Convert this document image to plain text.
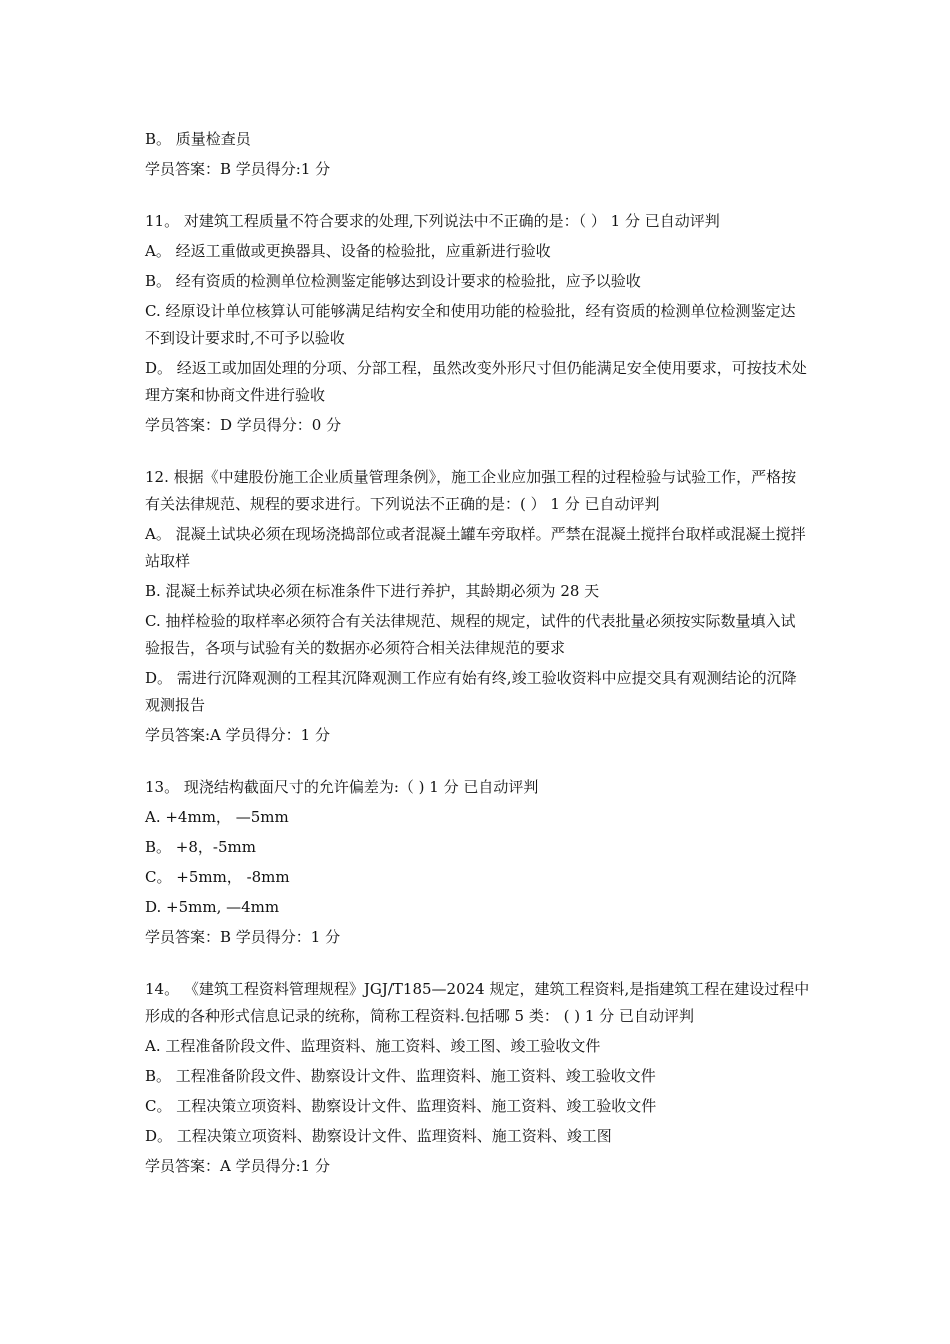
B。 质量检查员
学员答案：B 学员得分:1 分
11。 对建筑工程质量不符合要求的处理,下列说法中不正确的是：（ ） 1 分 已自动评判
A。 经返工重做或更换器具、设备的检验批，应重新进行验收
B。 经有资质的检测单位检测鉴定能够达到设计要求的检验批，应予以验收
C. 经原设计单位核算认可能够满足结构安全和使用功能的检验批，经有资质的检测单位检测鉴定达不到设计要求时,不可予以验收
D。 经返工或加固处理的分项、分部工程，虽然改变外形尺寸但仍能满足安全使用要求，可按技术处理方案和协商文件进行验收
学员答案：D 学员得分：0 分
12. 根据《中建股份施工企业质量管理条例》，施工企业应加强工程的过程检验与试验工作，严格按有关法律规范、规程的要求进行。下列说法不正确的是：( ） 1 分 已自动评判
A。 混凝土试块必须在现场浇捣部位或者混凝土罐车旁取样。严禁在混凝土搅拌台取样或混凝土搅拌站取样
B. 混凝土标养试块必须在标准条件下进行养护，其龄期必须为 28 天
C. 抽样检验的取样率必须符合有关法律规范、规程的规定，试件的代表批量必须按实际数量填入试验报告，各项与试验有关的数据亦必须符合相关法律规范的要求
D。 需进行沉降观测的工程其沉降观测工作应有始有终,竣工验收资料中应提交具有观测结论的沉降观测报告
学员答案:A 学员得分：1 分
13。 现浇结构截面尺寸的允许偏差为:（ ) 1 分 已自动评判
A. +4mm， —5mm
B。 +8，-5mm
C。 +5mm， -8mm
D. +5mm, —4mm
学员答案：B 学员得分：1 分
14。 《建筑工程资料管理规程》JGJ/T185—2024 规定，建筑工程资料,是指建筑工程在建设过程中形成的各种形式信息记录的统称，简称工程资料.包括哪 5 类： ( ) 1 分 已自动评判
A. 工程准备阶段文件、监理资料、施工资料、竣工图、竣工验收文件
B。 工程准备阶段文件、勘察设计文件、监理资料、施工资料、竣工验收文件
C。 工程决策立项资料、勘察设计文件、监理资料、施工资料、竣工验收文件
D。 工程决策立项资料、勘察设计文件、监理资料、施工资料、竣工图
学员答案：A 学员得分:1 分
